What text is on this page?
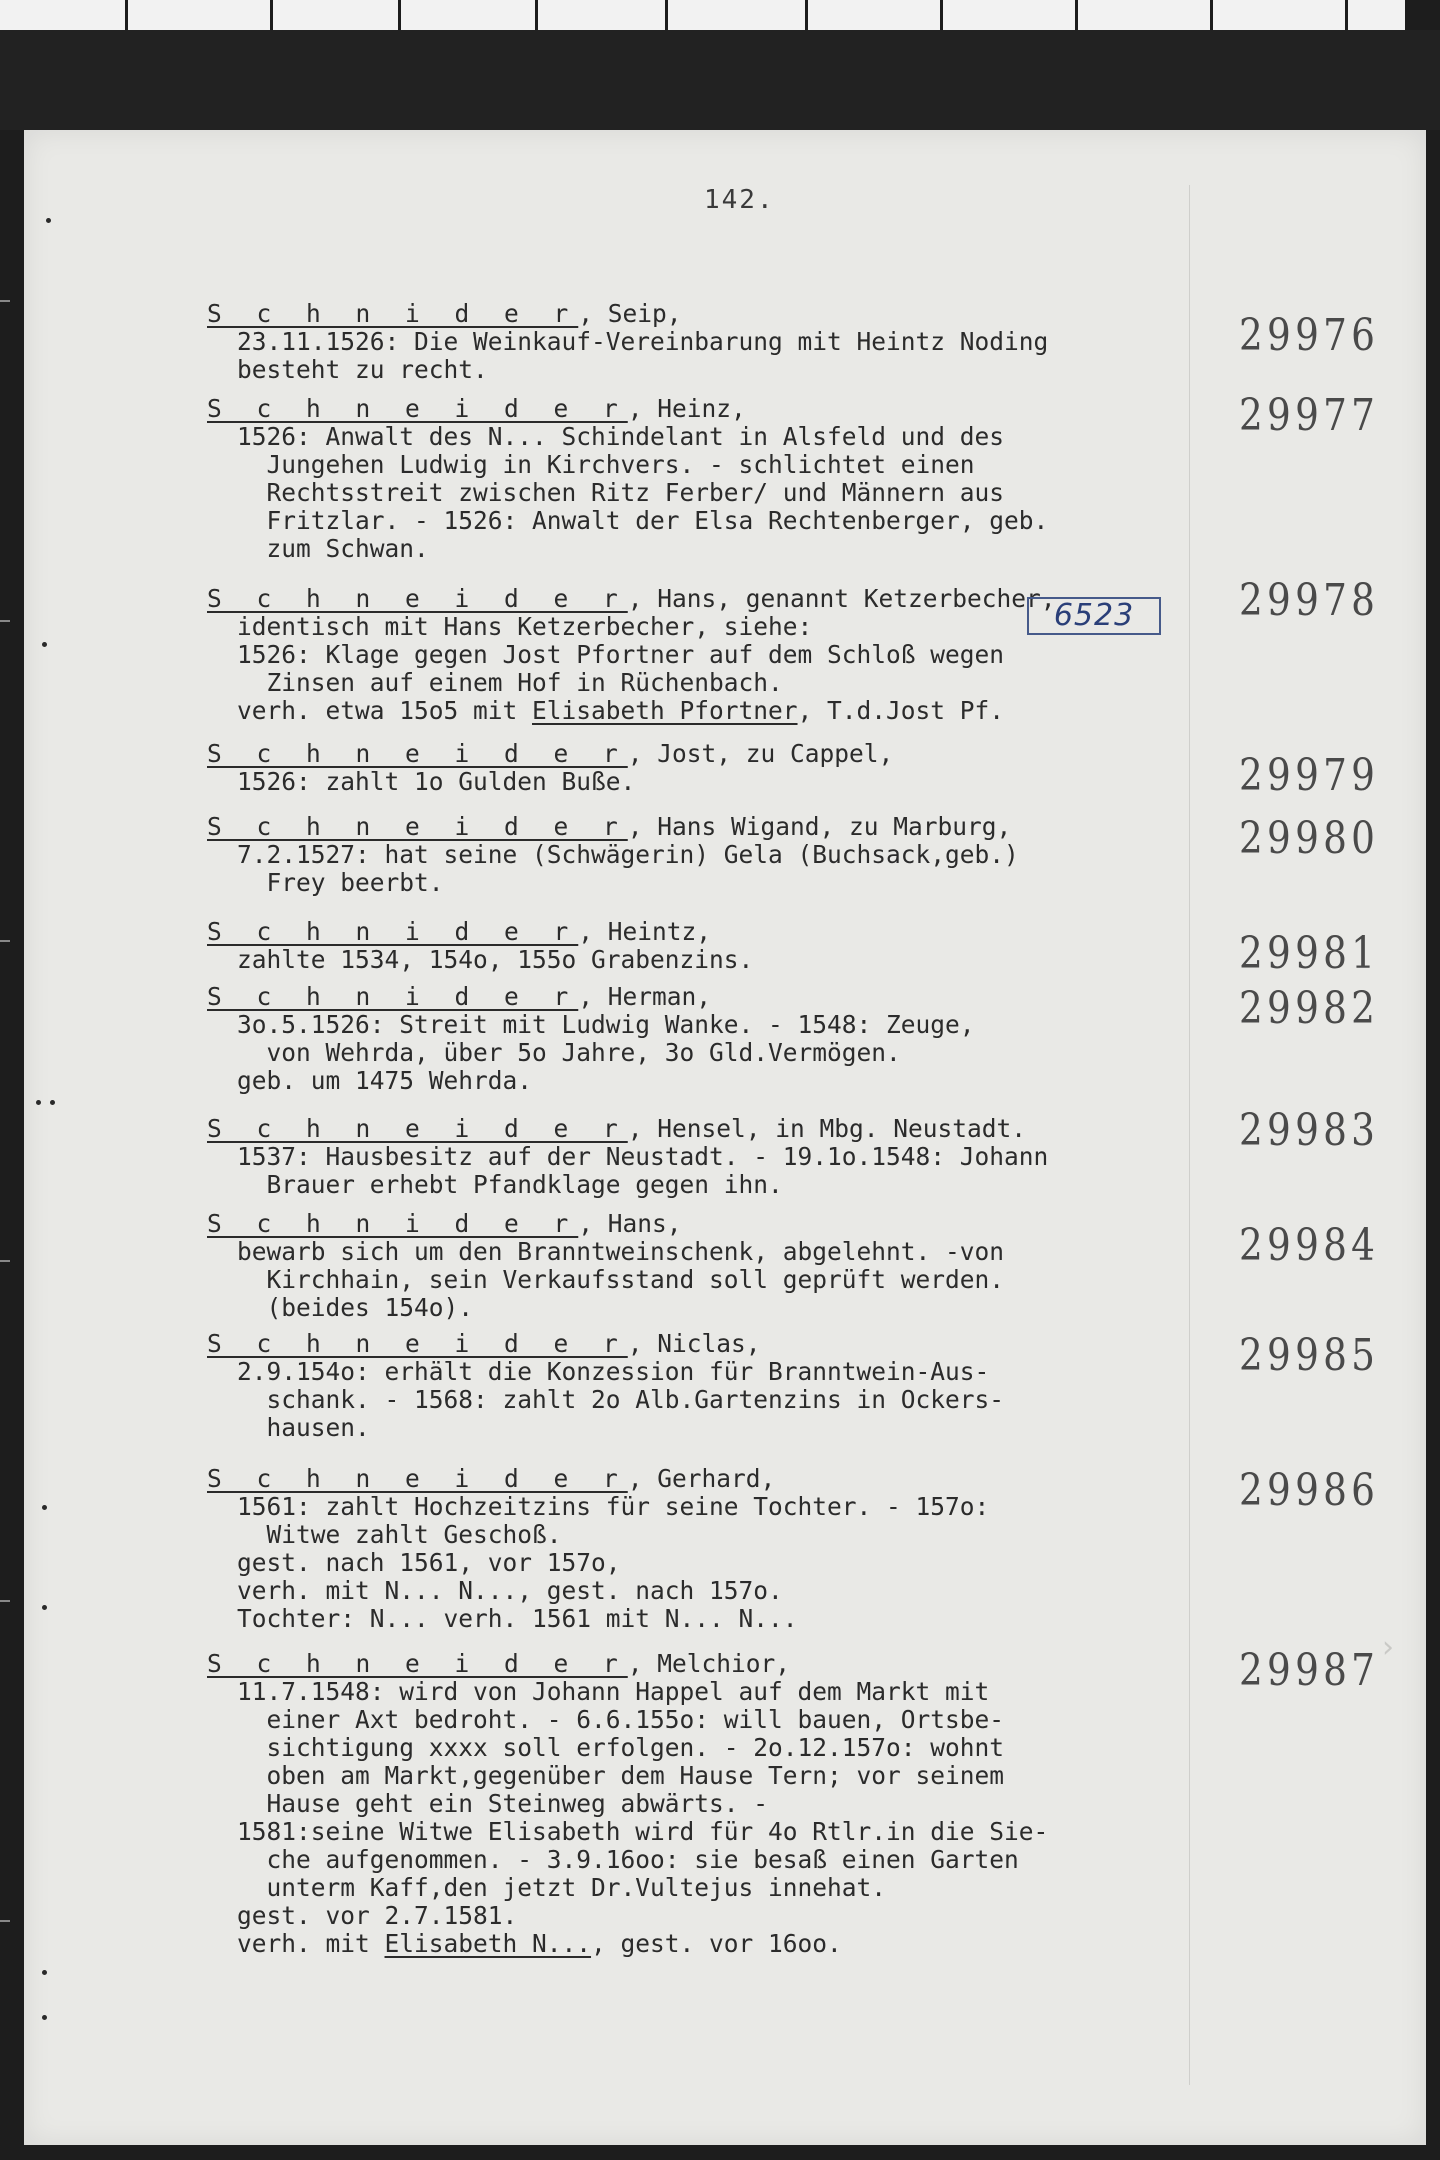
142.
S c h n i d e r, Seip,
23.11.1526: Die Weinkauf-Vereinbarung mit Heintz Noding
besteht zu recht.
29976
S c h n e i d e r, Heinz,
1526: Anwalt des N... Schindelant in Alsfeld und des
Jungehen Ludwig in Kirchvers. - schlichtet einen
Rechtsstreit zwischen Ritz Ferber/ und Männern aus
Fritzlar. - 1526: Anwalt der Elsa Rechtenberger, geb.
zum Schwan.
29977
S c h n e i d e r, Hans, genannt Ketzerbecher,
identisch mit Hans Ketzerbecher, siehe:
1526: Klage gegen Jost Pfortner auf dem Schloß wegen
Zinsen auf einem Hof in Rüchenbach.
verh. etwa 15o5 mit Elisabeth Pfortner, T.d.Jost Pf.
29978
6523
S c h n e i d e r, Jost, zu Cappel,
1526: zahlt 1o Gulden Buße.	29979
S c h n e i d e r, Hans Wigand, zu Marburg,
7.2.1527: hat seine (Schwägerin) Gela (Buchsack,geb.)
Frey beerbt.
29980
S c h n i d e r, Heintz,
zahlte 1534, 154o, 155o Grabenzins.	29981
S c h n i d e r, Herman,
3o.5.1526: Streit mit Ludwig Wanke. - 1548: Zeuge,
von Wehrda, über 5o Jahre, 3o Gld.Vermögen.
geb. um 1475 Wehrda.
29982
S c h n e i d e r, Hensel, in Mbg. Neustadt.
1537: Hausbesitz auf der Neustadt. - 19.1o.1548: Johann
Brauer erhebt Pfandklage gegen ihn.
29983
S c h n i d e r, Hans,
bewarb sich um den Branntweinschenk, abgelehnt. -von
Kirchhain, sein Verkaufsstand soll geprüft werden.
(beides 154o).
29984
S c h n e i d e r, Niclas,
2.9.154o: erhält die Konzession für Branntwein-Aus-
schank. - 1568: zahlt 2o Alb.Gartenzins in Ockers-
hausen.
29985
S c h n e i d e r, Gerhard,
1561: zahlt Hochzeitzins für seine Tochter. - 157o:
Witwe zahlt Geschoß.
gest. nach 1561, vor 157o,
verh. mit N... N..., gest. nach 157o.
Tochter: N... verh. 1561 mit N... N...
29986
S c h n e i d e r, Melchior,
11.7.1548: wird von Johann Happel auf dem Markt mit
einer Axt bedroht. - 6.6.155o: will bauen, Ortsbe-
sichtigung xxxx soll erfolgen. - 2o.12.157o: wohnt
oben am Markt,gegenüber dem Hause Tern; vor seinem
Hause geht ein Steinweg abwärts. -
1581:seine Witwe Elisabeth wird für 4o Rtlr.in die Sie-
che aufgenommen. - 3.9.16oo: sie besaß einen Garten
unterm Kaff,den jetzt Dr.Vultejus innehat.
gest. vor 2.7.1581.
verh. mit Elisabeth N..., gest. vor 16oo.
29987 ›
